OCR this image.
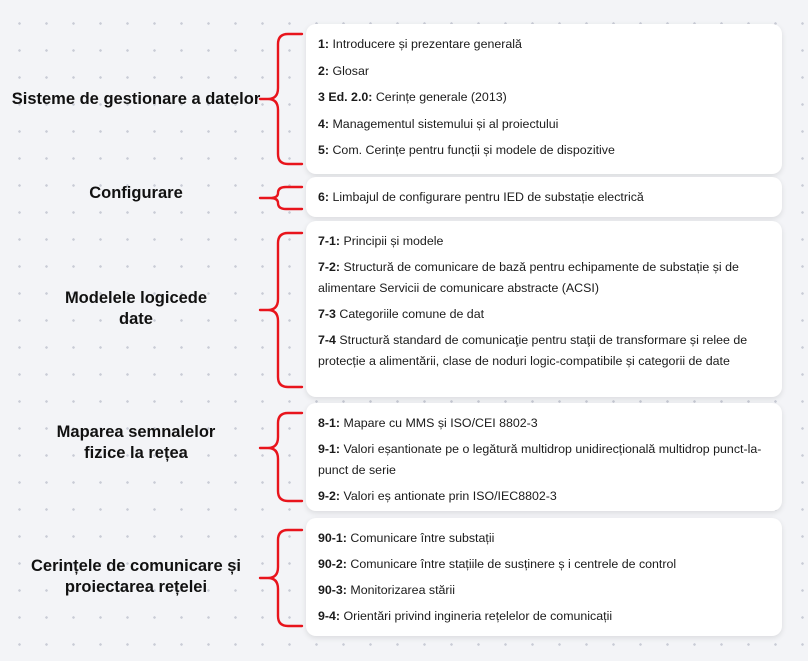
Sisteme de gestionare a datelor
1: Introducere și prezentare generală
2: Glosar
3 Ed. 2.0: Cerințe generale (2013)
4: Managementul sistemului și al proiectului
5: Com. Cerințe pentru funcții și modele de dispozitive
Configurare	6: Limbajul de configurare pentru IED de substație electrică
Modelele logicede date
7-1: Principii și modele
7-2: Structură de comunicare de bază pentru echipamente de substație și de alimentare Servicii de comunicare abstracte (ACSI)
7-3 Categoriile comune de dat
7-4 Structură standard de comunicaţie pentru staţii de transformare și relee de protecție a alimentării, clase de noduri logic-compatibile și categorii de date
Maparea semnalelor fizice la rețea
8-1: Mapare cu MMS și ISO/CEI 8802-3
9-1: Valori eșantionate pe o legătură multidrop unidirecțională multidrop punct-la-punct de serie
9-2: Valori eș antionate prin ISO/IEC8802-3
Cerințele de comunicare și proiectarea rețelei
90-1: Comunicare între substații
90-2: Comunicare între stațiile de susținere ș i centrele de control
90-3: Monitorizarea stării
9-4: Orientări privind ingineria rețelelor de comunicații
